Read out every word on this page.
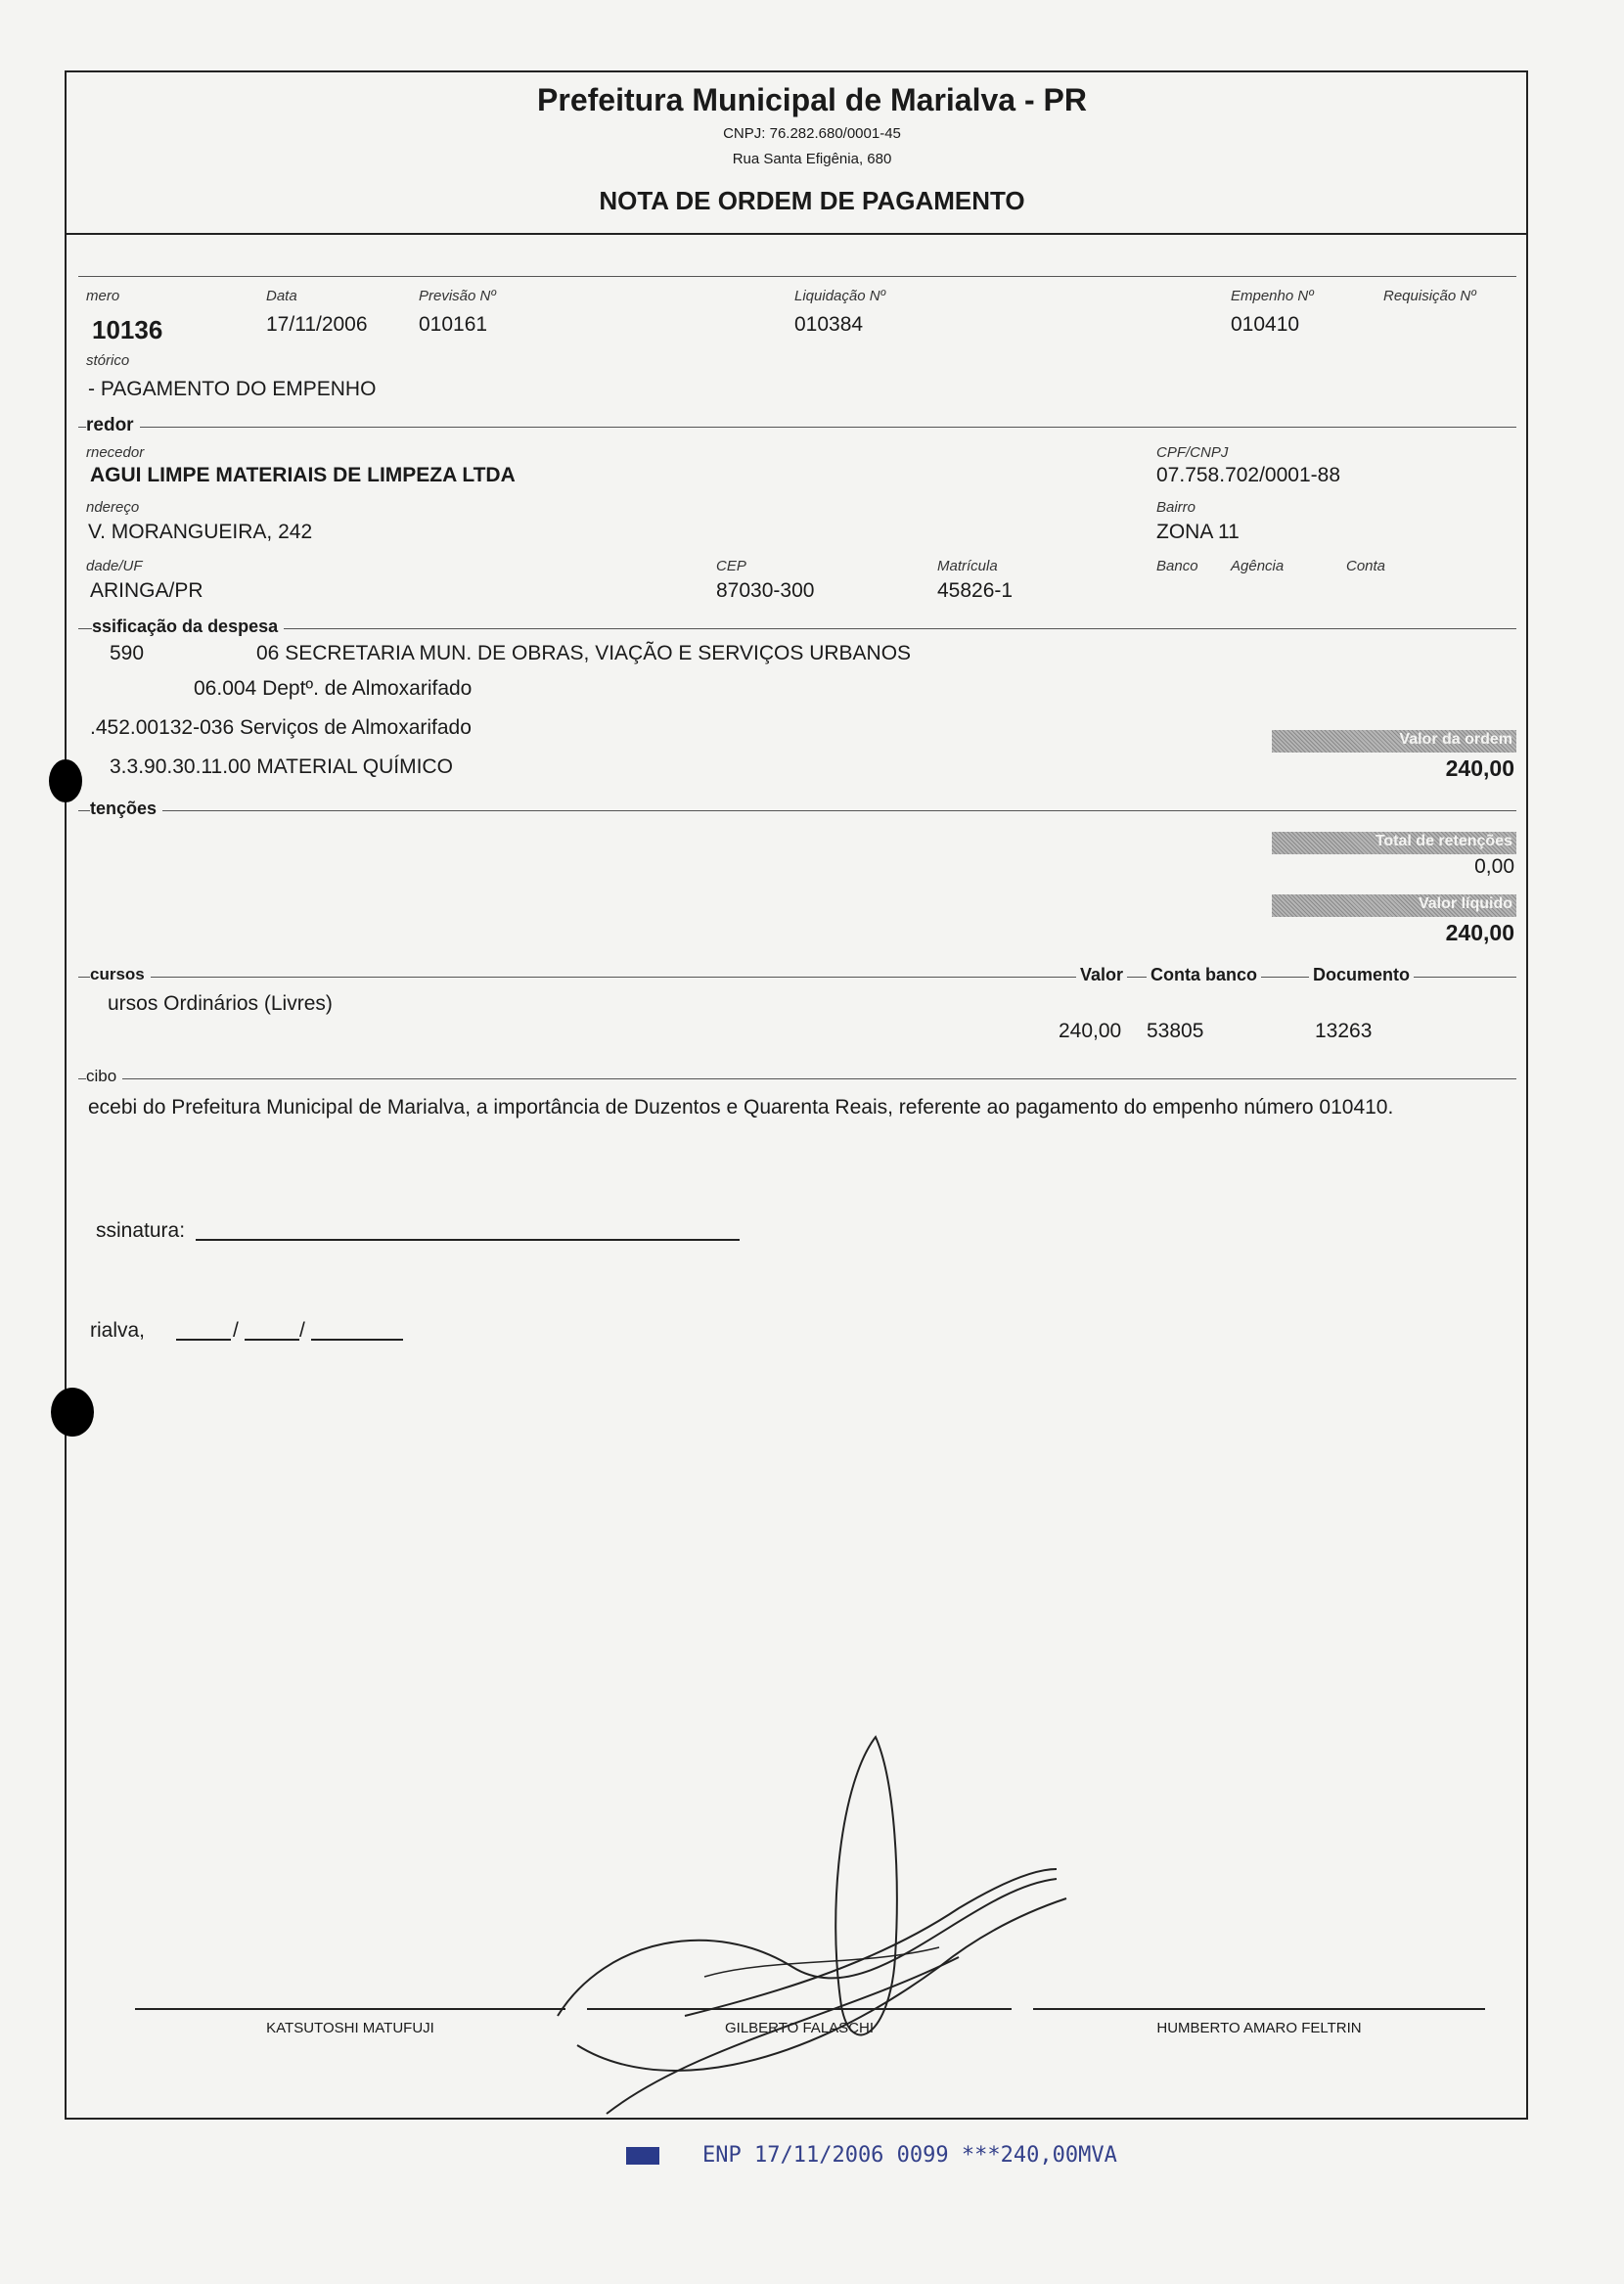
Prefeitura Municipal de Marialva - PR
CNPJ: 76.282.680/0001-45
Rua Santa Efigênia, 680
NOTA DE ORDEM DE PAGAMENTO
mero
10136
Data
17/11/2006
Previsão Nº
010161
Liquidação Nº
010384
Empenho Nº
010410
Requisição Nº
stórico
- PAGAMENTO DO EMPENHO
redor
rnecedor
AGUI LIMPE MATERIAIS DE LIMPEZA LTDA
CPF/CNPJ
07.758.702/0001-88
ndereço
V. MORANGUEIRA, 242
Bairro
ZONA 11
dade/UF
ARINGA/PR
CEP
87030-300
Matrícula
45826-1
Banco Agência	Conta
ssificação da despesa
590	06 SECRETARIA MUN. DE OBRAS, VIAÇÃO E SERVIÇOS URBANOS
06.004 Deptº. de Almoxarifado
.452.00132-036 Serviços de Almoxarifado
3.3.90.30.11.00 MATERIAL QUÍMICO
Valor da ordem
240,00
tenções
Total de retenções
0,00
Valor líquido
240,00
cursos	Valor Conta banco	Documento
ursos Ordinários (Livres)
240,00 53805	13263
cibo
ecebi do Prefeitura Municipal de Marialva, a importância de Duzentos e Quarenta Reais, referente ao pagamento do empenho número 010410.
ssinatura:
rialva,	/	/
KATSUTOSHI MATUFUJI	GILBERTO FALASCHI	HUMBERTO AMARO FELTRIN
ENP 17/11/2006 0099 ***240,00MVA
